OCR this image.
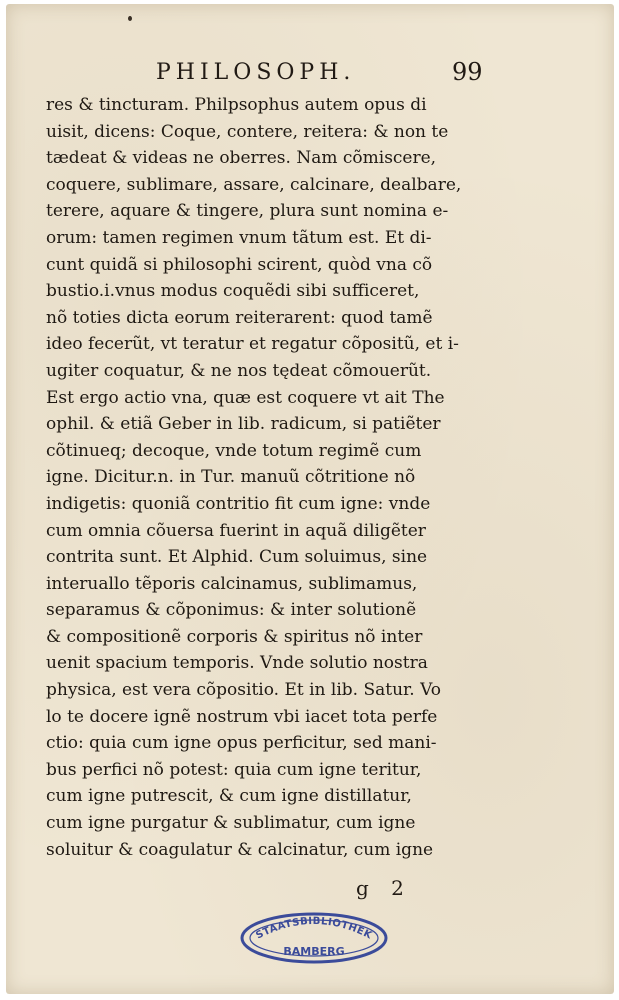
PHILOSOPH.	99
res & tincturam. Philpsophus autem opus di
uisit, dicens: Coque, contere, reitera: & non te
tædeat & videas ne oberres. Nam cõmiscere,
coquere, sublimare, assare, calcinare, dealbare,
terere, aquare & tingere, plura sunt nomina e-
orum: tamen regimen vnum tãtum est. Et di-
cunt quidã si philosophi scirent, quòd vna cõ
bustio.i.vnus modus coquẽdi sibi sufficeret,
nõ toties dicta eorum reiterarent: quod tamẽ
ideo fecerũt, vt teratur et regatur cõpositũ, et i-
ugiter coquatur, & ne nos tędeat cõmouerũt.
Est ergo actio vna, quæ est coquere vt ait The
ophil. & etiã Geber in lib. radicum, si patiẽter
cõtinueq; decoque, vnde totum regimẽ cum
igne. Dicitur.n. in Tur. manuũ cõtritione nõ
indigetis: quoniã contritio fit cum igne: vnde
cum omnia cõuersa fuerint in aquã diligẽter
contrita sunt. Et Alphid. Cum soluimus, sine
interuallo tẽporis calcinamus, sublimamus,
separamus & cõponimus: & inter solutionẽ
& compositionẽ corporis & spiritus nõ inter
uenit spacium temporis. Vnde solutio nostra
physica, est vera cõpositio. Et in lib. Satur. Vo
lo te docere ignẽ nostrum vbi iacet tota perfe
ctio: quia cum igne opus perficitur, sed mani-
bus perfici nõ potest: quia cum igne teritur,
cum igne putrescit, & cum igne distillatur,
cum igne purgatur & sublimatur, cum igne
soluitur & coagulatur & calcinatur, cum igne
g 2
STAATSBIBLIOTHEK
BAMBERG
